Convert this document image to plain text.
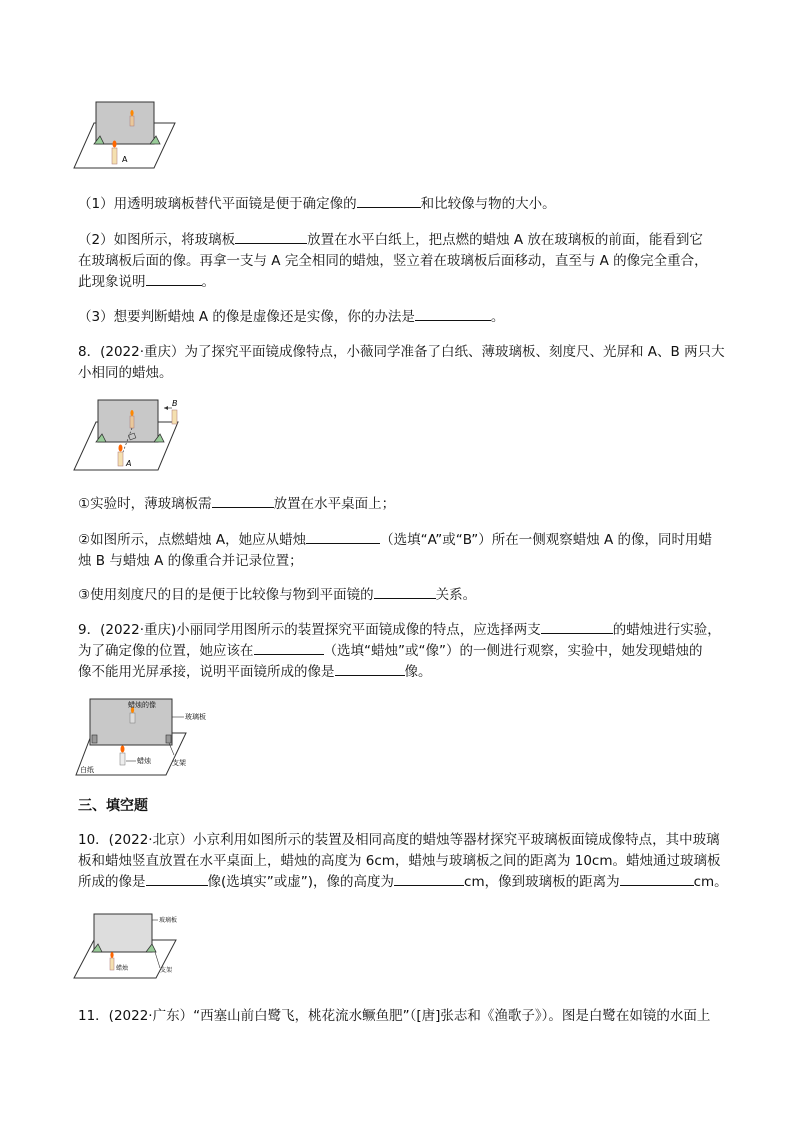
A
（1）用透明玻璃板替代平面镜是便于确定像的	和比较像与物的大小。
（2）如图所示，将玻璃板	放置在水平白纸上，把点燃的蜡烛 A 放在玻璃板的前面，能看到它
在玻璃板后面的像。再拿一支与 A 完全相同的蜡烛，竖立着在玻璃板后面移动，直至与 A 的像完全重合，
此现象说明	。
（3）想要判断蜡烛 A 的像是虚像还是实像，你的办法是	。
8．(2022·重庆）为了探究平面镜成像特点，小薇同学准备了白纸、薄玻璃板、刻度尺、光屏和 A、B 两只大
小相同的蜡烛。
B
A
①实验时，薄玻璃板需	放置在水平桌面上；
②如图所示，点燃蜡烛 A，她应从蜡烛	（选填“A”或“B”）所在一侧观察蜡烛 A 的像，同时用蜡
烛 B 与蜡烛 A 的像重合并记录位置；
③使用刻度尺的目的是便于比较像与物到平面镜的	关系。
9．(2022·重庆)小丽同学用图所示的装置探究平面镜成像的特点，应选择两支	的蜡烛进行实验，
为了确定像的位置，她应该在	（选填“蜡烛”或“像”）的一侧进行观察，实验中，她发现蜡烛的
像不能用光屏承接，说明平面镜所成的像是	像。
蜡烛的像
蜡烛
玻璃板
支架
白纸
三、填空题
10．(2022·北京）小京利用如图所示的装置及相同高度的蜡烛等器材探究平玻璃板面镜成像特点，其中玻璃
板和蜡烛竖直放置在水平桌面上，蜡烛的高度为 6cm，蜡烛与玻璃板之间的距离为 10cm。蜡烛通过玻璃板
所成的像是	像(选填实”或虚”)，像的高度为	cm，像到玻璃板的距离为	cm。
蜡烛
玻璃板
支架
11．(2022·广东）“西塞山前白鹭飞，桃花流水鳜鱼肥”（[唐]张志和《渔歌子》）。图是白鹭在如镜的水面上
